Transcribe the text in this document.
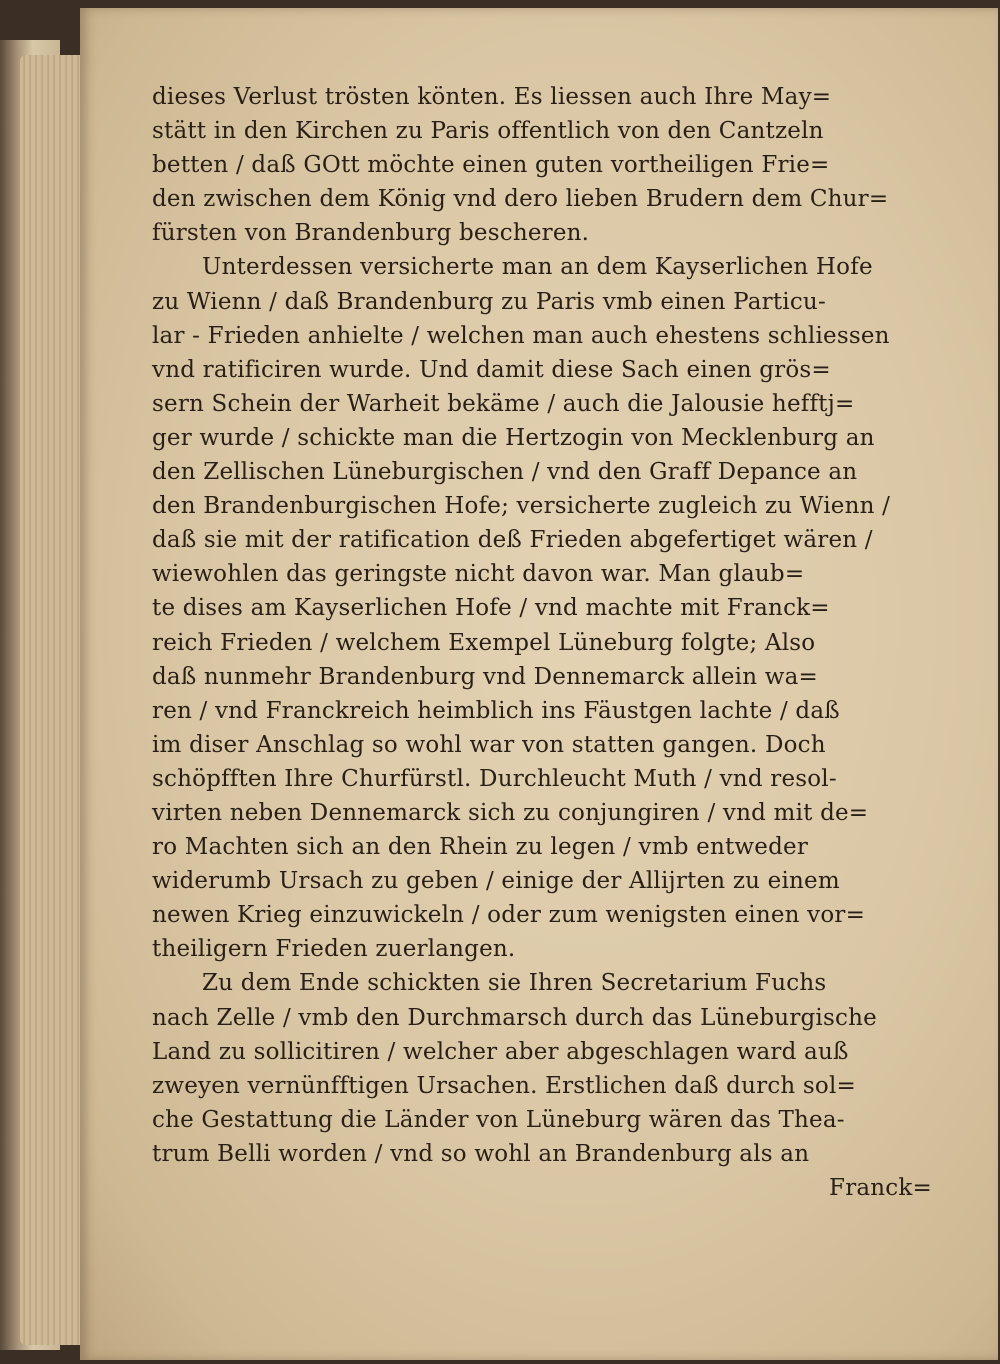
dieses Verlust trösten könten. Es liessen auch Ihre May=
stätt in den Kirchen zu Paris offentlich von den Cantzeln
betten / daß GOtt möchte einen guten vortheiligen Frie=
den zwischen dem König vnd dero lieben Brudern dem Chur=
fürsten von Brandenburg bescheren.
Unterdessen versicherte man an dem Kayserlichen Hofe
zu Wienn / daß Brandenburg zu Paris vmb einen Particu-
lar - Frieden anhielte / welchen man auch ehestens schliessen
vnd ratificiren wurde. Und damit diese Sach einen grös=
sern Schein der Warheit bekäme / auch die Jalousie hefftj=
ger wurde / schickte man die Hertzogin von Mecklenburg an
den Zellischen Lüneburgischen / vnd den Graff Depance an
den Brandenburgischen Hofe; versicherte zugleich zu Wienn /
daß sie mit der ratification deß Frieden abgefertiget wären /
wiewohlen das geringste nicht davon war. Man glaub=
te dises am Kayserlichen Hofe / vnd machte mit Franck=
reich Frieden / welchem Exempel Lüneburg folgte; Also
daß nunmehr Brandenburg vnd Dennemarck allein wa=
ren / vnd Franckreich heimblich ins Fäustgen lachte / daß
im diser Anschlag so wohl war von statten gangen. Doch
schöpfften Ihre Churfürstl. Durchleucht Muth / vnd resol-
virten neben Dennemarck sich zu conjungiren / vnd mit de=
ro Machten sich an den Rhein zu legen / vmb entweder
widerumb Ursach zu geben / einige der Allijrten zu einem
newen Krieg einzuwickeln / oder zum wenigsten einen vor=
theiligern Frieden zuerlangen.
Zu dem Ende schickten sie Ihren Secretarium Fuchs
nach Zelle / vmb den Durchmarsch durch das Lüneburgische
Land zu sollicitiren / welcher aber abgeschlagen ward auß
zweyen vernünfftigen Ursachen. Erstlichen daß durch sol=
che Gestattung die Länder von Lüneburg wären das Thea-
trum Belli worden / vnd so wohl an Brandenburg als an
Franck=
